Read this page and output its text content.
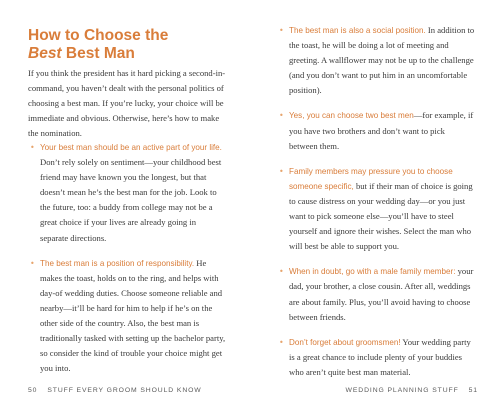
How to Choose the
Best Best Man

If you think the president has it hard picking a second-in-command, you haven’t dealt with the personal politics of choosing a best man. If you’re lucky, your choice will be immediate and obvious. Otherwise, here’s how to make the nomination.

• Your best man should be an active part of your life. Don’t rely solely on sentiment—your childhood best friend may have known you the longest, but that doesn’t mean he’s the best man for the job. Look to the future, too: a buddy from college may not be a great choice if your lives are already going in separate directions.
• The best man is a position of responsibility. He makes the toast, holds on to the ring, and helps with day-of wedding duties. Choose someone reliable and nearby—it’ll be hard for him to help if he’s on the other side of the country. Also, the best man is traditionally tasked with setting up the bachelor party, so consider the kind of trouble your choice might get you into.
50 STUFF EVERY GROOM SHOULD KNOW
• The best man is also a social position. In addition to the toast, he will be doing a lot of meeting and greeting. A wallflower may not be up to the challenge (and you don’t want to put him in an uncomfortable position).
• Yes, you can choose two best men—for example, if you have two brothers and don’t want to pick between them.
• Family members may pressure you to choose someone specific, but if their man of choice is going to cause distress on your wedding day—or you just want to pick someone else—you’ll have to steel yourself and ignore their wishes. Select the man who will best be able to support you.
• When in doubt, go with a male family member: your dad, your brother, a close cousin. After all, weddings are about family. Plus, you’ll avoid having to choose between friends.
• Don’t forget about groomsmen! Your wedding party is a great chance to include plenty of your buddies who aren’t quite best man material.
WEDDING PLANNING STUFF 51
